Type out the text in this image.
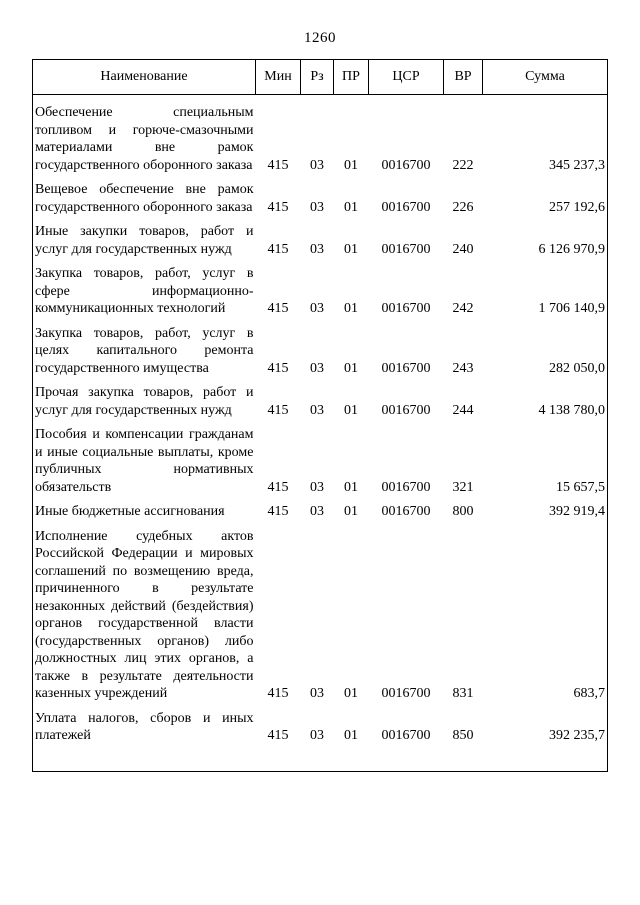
1260
Наименование	Мин	Рз	ПР	ЦСР	ВР	Сумма
Обеспечение специальным топливом и горюче-смазочными материалами вне рамок государственного оборонного заказа	415	03	01	0016700	222	345 237,3
Вещевое обеспечение вне рамок государственного оборонного заказа	415	03	01	0016700	226	257 192,6
Иные закупки товаров, работ и услуг для государственных нужд	415	03	01	0016700	240	6 126 970,9
Закупка товаров, работ, услуг в сфере информационно-коммуникационных технологий	415	03	01	0016700	242	1 706 140,9
Закупка товаров, работ, услуг в целях капитального ремонта государственного имущества	415	03	01	0016700	243	282 050,0
Прочая закупка товаров, работ и услуг для государственных нужд	415	03	01	0016700	244	4 138 780,0
Пособия и компенсации гражданам и иные социальные выплаты, кроме публичных нормативных обязательств	415	03	01	0016700	321	15 657,5
Иные бюджетные ассигнования	415	03	01	0016700	800	392 919,4
Исполнение судебных актов Российской Федерации и мировых соглашений по возмещению вреда, причиненного в результате незаконных действий (бездействия) органов государственной власти (государственных органов) либо должностных лиц этих органов, а также в результате деятельности казенных учреждений	415	03	01	0016700	831	683,7
Уплата налогов, сборов и иных платежей	415	03	01	0016700	850	392 235,7
